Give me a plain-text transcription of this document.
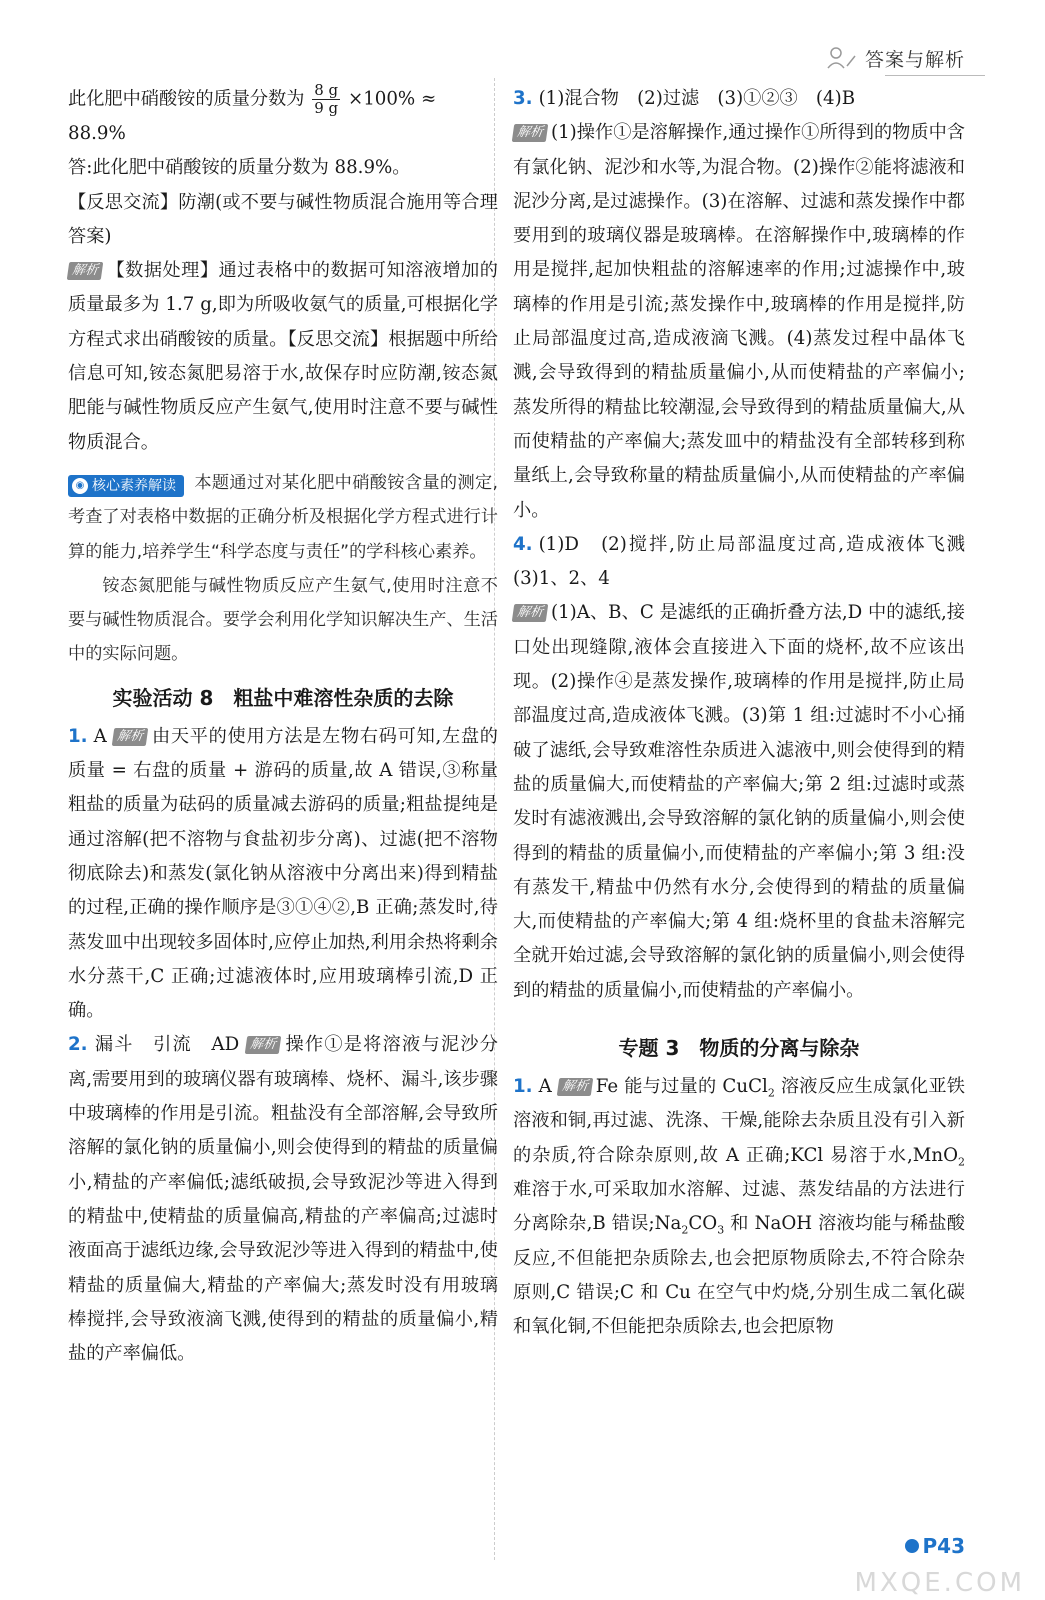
答案与解析

此化肥中硝酸铵的质量分数为 $\frac{8 g}{9 g} \times 100\%$ ≈

88.9%

答:此化肥中硝酸铵的质量分数为 88.9%。

【反思交流】防潮(或不要与碱性物质混合施用等合理答案)

解析 【数据处理】通过表格中的数据可知溶液增加的质量最多为 1.7 g,即为所吸收氨气的质量,可根据化学方程式求出硝酸铵的质量。【反思交流】根据题中所给信息可知,铵态氮肥易溶于水,故保存时应防潮,铵态氮肥能与碱性物质反应产生氨气,使用时注意不要与碱性物质混合。

◉ 核心素养解读 本题通过对某化肥中硝酸铵含量的测定,考查了对表格中数据的正确分析及根据化学方程式进行计算的能力,培养学生“科学态度与责任”的学科核心素养。

铵态氮肥能与碱性物质反应产生氨气,使用时注意不要与碱性物质混合。要学会利用化学知识解决生产、生活中的实际问题。

实验活动 8　粗盐中难溶性杂质的去除

1. A 解析 由天平的使用方法是左物右码可知,左盘的质量 = 右盘的质量 + 游码的质量,故 A 错误,③称量粗盐的质量为砝码的质量减去游码的质量;粗盐提纯是通过溶解(把不溶物与食盐初步分离)、过滤(把不溶物彻底除去)和蒸发(氯化钠从溶液中分离出来)得到精盐的过程,正确的操作顺序是③①④②,B 正确;蒸发时,待蒸发皿中出现较多固体时,应停止加热,利用余热将剩余水分蒸干,C 正确;过滤液体时,应用玻璃棒引流,D 正确。

2. 漏斗　引流　AD 解析 操作①是将溶液与泥沙分离,需要用到的玻璃仪器有玻璃棒、烧杯、漏斗,该步骤中玻璃棒的作用是引流。粗盐没有全部溶解,会导致所溶解的氯化钠的质量偏小,则会使得到的精盐的质量偏小,精盐的产率偏低;滤纸破损,会导致泥沙等进入得到的精盐中,使精盐的质量偏高,精盐的产率偏高;过滤时液面高于滤纸边缘,会导致泥沙等进入得到的精盐中,使精盐的质量偏大,精盐的产率偏大;蒸发时没有用玻璃棒搅拌,会导致液滴飞溅,使得到的精盐的质量偏小,精盐的产率偏低。

3. (1)混合物　(2)过滤　(3)①②③　(4)B

解析 (1)操作①是溶解操作,通过操作①所得到的物质中含有氯化钠、泥沙和水等,为混合物。(2)操作②能将滤液和泥沙分离,是过滤操作。(3)在溶解、过滤和蒸发操作中都要用到的玻璃仪器是玻璃棒。在溶解操作中,玻璃棒的作用是搅拌,起加快粗盐的溶解速率的作用;过滤操作中,玻璃棒的作用是引流;蒸发操作中,玻璃棒的作用是搅拌,防止局部温度过高,造成液滴飞溅。(4)蒸发过程中晶体飞溅,会导致得到的精盐质量偏小,从而使精盐的产率偏小;蒸发所得的精盐比较潮湿,会导致得到的精盐质量偏大,从而使精盐的产率偏大;蒸发皿中的精盐没有全部转移到称量纸上,会导致称量的精盐质量偏小,从而使精盐的产率偏小。

4. (1)D　(2)搅拌,防止局部温度过高,造成液体飞溅　(3)1、2、4

解析 (1)A、B、C 是滤纸的正确折叠方法,D 中的滤纸,接口处出现缝隙,液体会直接进入下面的烧杯,故不应该出现。(2)操作④是蒸发操作,玻璃棒的作用是搅拌,防止局部温度过高,造成液体飞溅。(3)第 1 组:过滤时不小心捅破了滤纸,会导致难溶性杂质进入滤液中,则会使得到的精盐的质量偏大,而使精盐的产率偏大;第 2 组:过滤时或蒸发时有滤液溅出,会导致溶解的氯化钠的质量偏小,则会使得到的精盐的质量偏小,而使精盐的产率偏小;第 3 组:没有蒸发干,精盐中仍然有水分,会使得到的精盐的质量偏大,而使精盐的产率偏大;第 4 组:烧杯里的食盐未溶解完全就开始过滤,会导致溶解的氯化钠的质量偏小,则会使得到的精盐的质量偏小,而使精盐的产率偏小。

专题 3　物质的分离与除杂

1. A 解析 Fe 能与过量的 CuCl$_2$ 溶液反应生成氯化亚铁溶液和铜,再过滤、洗涤、干燥,能除去杂质且没有引入新的杂质,符合除杂原则,故 A 正确;KCl 易溶于水,MnO$_2$ 难溶于水,可采取加水溶解、过滤、蒸发结晶的方法进行分离除杂,B 错误$;Na_2CO_3$ 和 NaOH 溶液均能与稀盐酸反应,不但能把杂质除去,也会把原物质除去,不符合除杂原则,C 错误;C 和 Cu 在空气中灼烧,分别生成二氧化碳和氧化铜,不但能把杂质除去,也会把原物

P43
MXQE.COM
